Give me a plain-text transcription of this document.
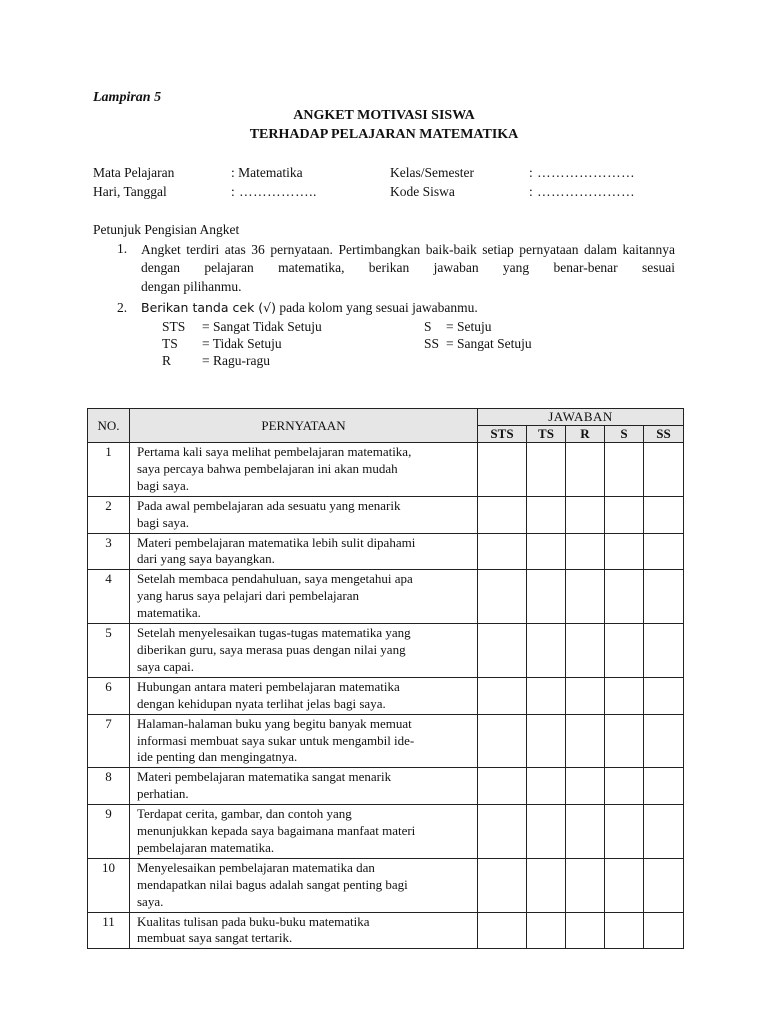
Lampiran 5
ANGKET MOTIVASI SISWA
TERHADAP PELAJARAN MATEMATIKA
Mata Pelajaran	: Matematika	Kelas/Semester	: …………………
Hari, Tanggal	: ……………..	Kode Siswa	: …………………
Petunjuk Pengisian Angket
1. Angket terdiri atas 36 pernyataan. Pertimbangkan baik-baik setiap pernyataan dalam kaitannya dengan pelajaran matematika, berikan jawaban yang benar-benar sesuai
dengan pilihanmu.
2. Berikan tanda cek (√) pada kolom yang sesuai jawabanmu.
STS = Sangat Tidak Setuju
TS = Tidak Setuju
R = Ragu-ragu
S = Setuju
SS = Sangat Setuju
NO.	PERNYATAAN	JAWABAN				
		STS	TS	R	S	SS
1	Pertama kali saya melihat pembelajaran matematika,
saya percaya bahwa pembelajaran ini akan mudah
bagi saya.					

2	Pada awal pembelajaran ada sesuatu yang menarik
bagi saya.					

3	Materi pembelajaran matematika lebih sulit dipahami
dari yang saya bayangkan.					

4	Setelah membaca pendahuluan, saya mengetahui apa
yang harus saya pelajari dari pembelajaran
matematika.					

5	Setelah menyelesaikan tugas-tugas matematika yang
diberikan guru, saya merasa puas dengan nilai yang
saya capai.					

6	Hubungan antara materi pembelajaran matematika
dengan kehidupan nyata terlihat jelas bagi saya.					

7	Halaman-halaman buku yang begitu banyak memuat
informasi membuat saya sukar untuk mengambil ide-
ide penting dan mengingatnya.					

8	Materi pembelajaran matematika sangat menarik
perhatian.					

9	Terdapat cerita, gambar, dan contoh yang
menunjukkan kepada saya bagaimana manfaat materi
pembelajaran matematika.					

10	Menyelesaikan pembelajaran matematika dan
mendapatkan nilai bagus adalah sangat penting bagi
saya.					

11	Kualitas tulisan pada buku-buku matematika
membuat saya sangat tertarik.					
